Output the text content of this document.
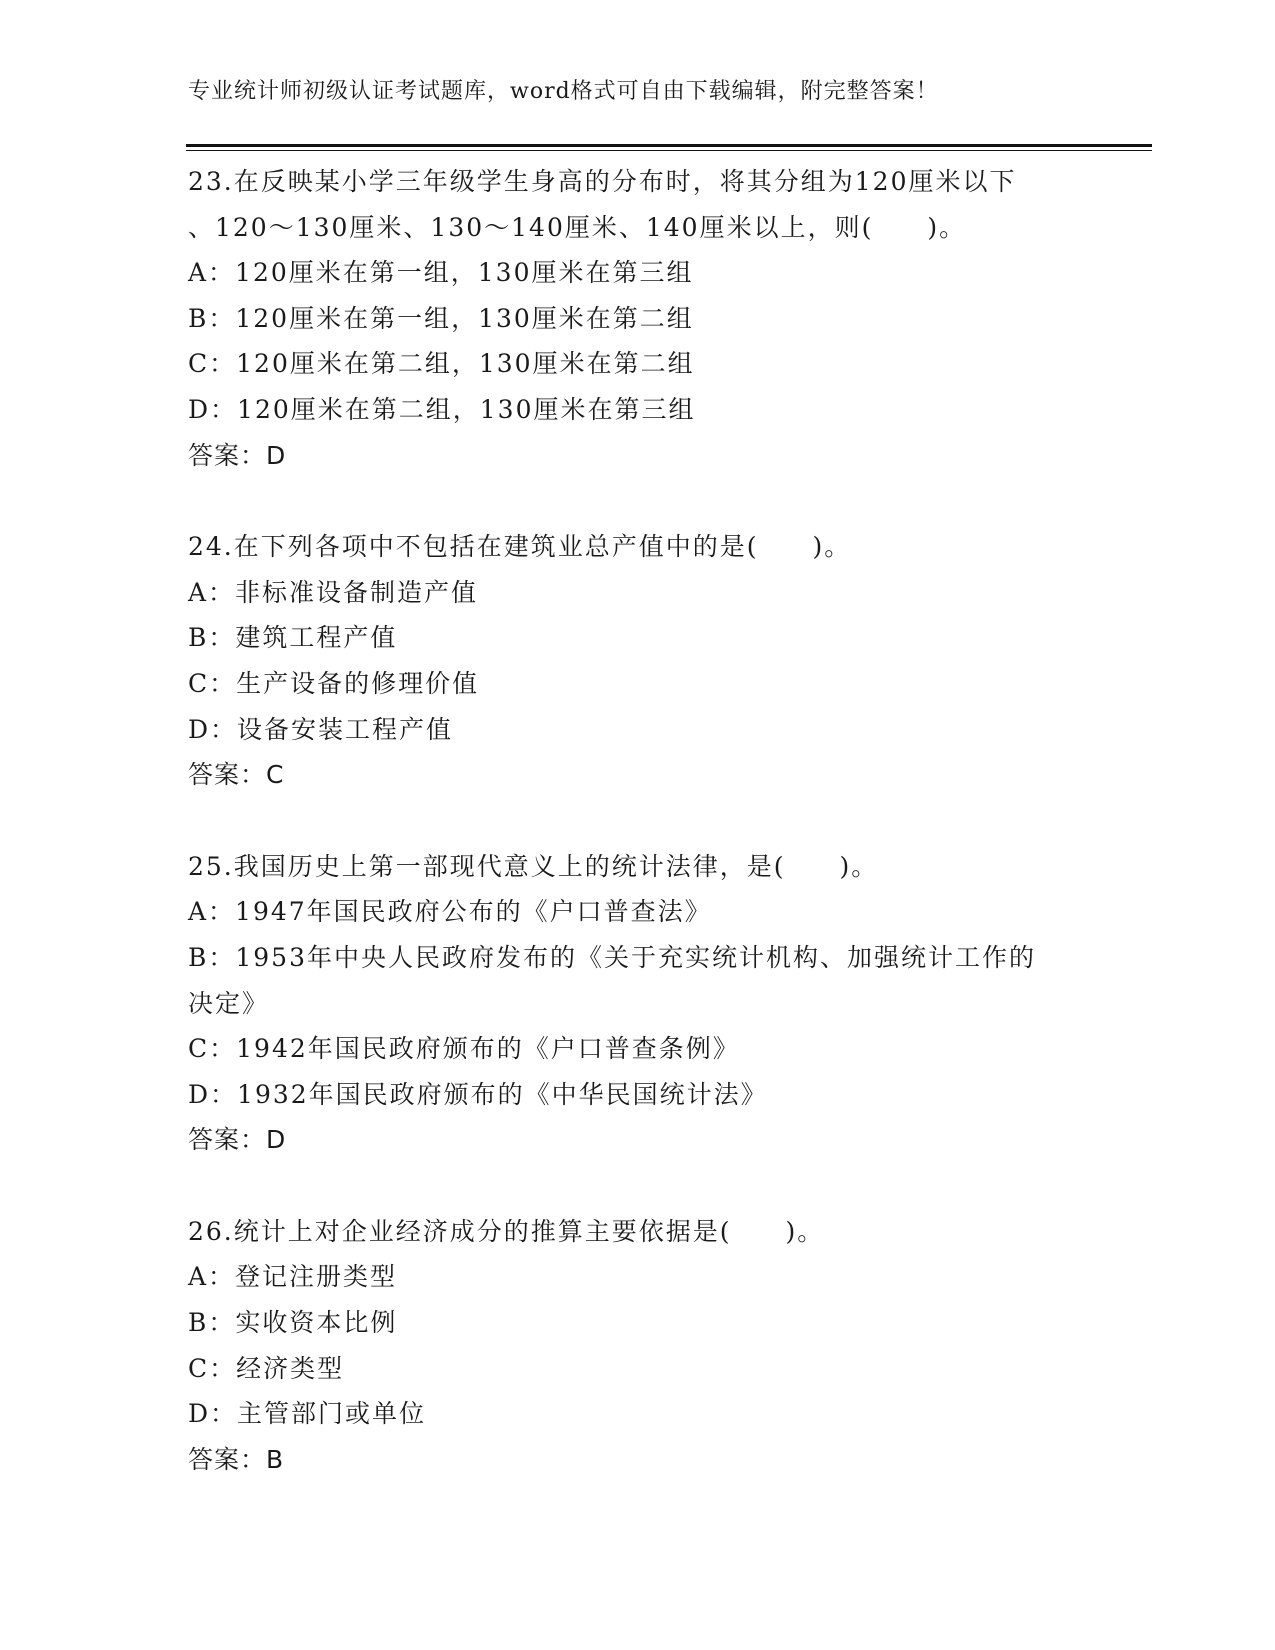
专业统计师初级认证考试题库，word格式可自由下载编辑，附完整答案！
23.在反映某小学三年级学生身高的分布时，将其分组为120厘米以下
、120～130厘米、130～140厘米、140厘米以上，则(　　)。
A：120厘米在第一组，130厘米在第三组
B：120厘米在第一组，130厘米在第二组
C：120厘米在第二组，130厘米在第二组
D：120厘米在第二组，130厘米在第三组
答案：D
24.在下列各项中不包括在建筑业总产值中的是(　　)。
A：非标准设备制造产值
B：建筑工程产值
C：生产设备的修理价值
D：设备安装工程产值
答案：C
25.我国历史上第一部现代意义上的统计法律，是(　　)。
A：1947年国民政府公布的《户口普查法》
B：1953年中央人民政府发布的《关于充实统计机构、加强统计工作的
决定》
C：1942年国民政府颁布的《户口普查条例》
D：1932年国民政府颁布的《中华民国统计法》
答案：D
26.统计上对企业经济成分的推算主要依据是(　　)。
A：登记注册类型
B：实收资本比例
C：经济类型
D：主管部门或单位
答案：B
